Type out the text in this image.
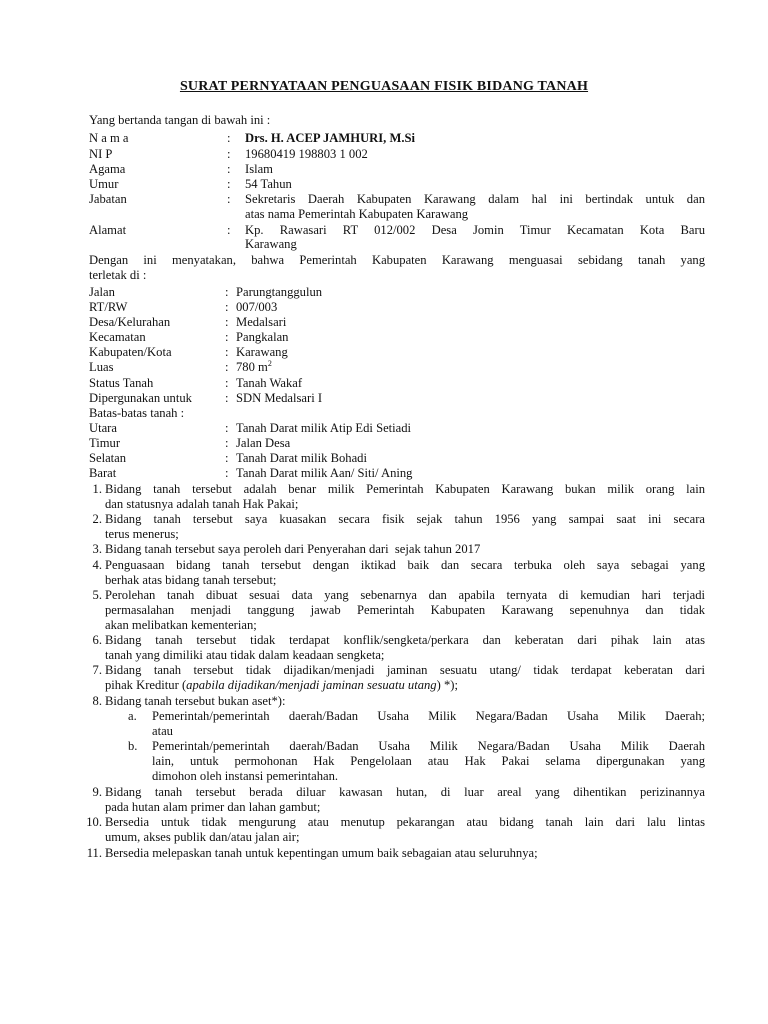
SURAT PERNYATAAN PENGUASAAN FISIK BIDANG TANAH
Yang bertanda tangan di bawah ini :
N a m a	: Drs. H. ACEP JAMHURI, M.Si
NI P	: 19680419 198803 1 002
Agama	: Islam
Umur	: 54 Tahun
Jabatan	: Sekretaris Daerah Kabupaten Karawang dalam hal ini bertindak untuk dan
atas nama Pemerintah Kabupaten Karawang
Alamat	: Kp. Rawasari RT 012/002 Desa Jomin Timur Kecamatan Kota Baru
Karawang
Dengan ini menyatakan, bahwa Pemerintah Kabupaten Karawang menguasai sebidang tanah yang
terletak di :
Jalan	: Parungtanggulun
RT/RW	: 007/003
Desa/Kelurahan	: Medalsari
Kecamatan	: Pangkalan
Kabupaten/Kota	: Karawang
Luas	: 780 $m^2$
Status Tanah	: Tanah Wakaf
Dipergunakan untuk	: SDN Medalsari I
Batas-batas tanah :
Utara	: Tanah Darat milik Atip Edi Setiadi
Timur	: Jalan Desa
Selatan	: Tanah Darat milik Bohadi
Barat	: Tanah Darat milik Aan/ Siti/ Aning
1. Bidang tanah tersebut adalah benar milik Pemerintah Kabupaten Karawang bukan milik orang lain
dan statusnya adalah tanah Hak Pakai;
2. Bidang tanah tersebut saya kuasakan secara fisik sejak tahun 1956 yang sampai saat ini secara
terus menerus;
3. Bidang tanah tersebut saya peroleh dari Penyerahan dari  sejak tahun 2017
4. Penguasaan bidang tanah tersebut dengan iktikad baik dan secara terbuka oleh saya sebagai yang
berhak atas bidang tanah tersebut;
5. Perolehan tanah dibuat sesuai data yang sebenarnya dan apabila ternyata di kemudian hari terjadi
permasalahan menjadi tanggung jawab Pemerintah Kabupaten Karawang sepenuhnya dan tidak
akan melibatkan kementerian;
6. Bidang tanah tersebut tidak terdapat konflik/sengketa/perkara dan keberatan dari pihak lain atas
tanah yang dimiliki atau tidak dalam keadaan sengketa;
7. Bidang tanah tersebut tidak dijadikan/menjadi jaminan sesuatu utang/ tidak terdapat keberatan dari
pihak Kreditur (apabila dijadikan/menjadi jaminan sesuatu utang) *);
8. Bidang tanah tersebut bukan aset*):
a. Pemerintah/pemerintah daerah/Badan Usaha Milik Negara/Badan Usaha Milik Daerah;
atau
b. Pemerintah/pemerintah daerah/Badan Usaha Milik Negara/Badan Usaha Milik Daerah
lain, untuk permohonan Hak Pengelolaan atau Hak Pakai selama dipergunakan yang
dimohon oleh instansi pemerintahan.
9. Bidang tanah tersebut berada diluar kawasan hutan, di luar areal yang dihentikan perizinannya
pada hutan alam primer dan lahan gambut;
10. Bersedia untuk tidak mengurung atau menutup pekarangan atau bidang tanah lain dari lalu lintas
umum, akses publik dan/atau jalan air;
11. Bersedia melepaskan tanah untuk kepentingan umum baik sebagaian atau seluruhnya;
